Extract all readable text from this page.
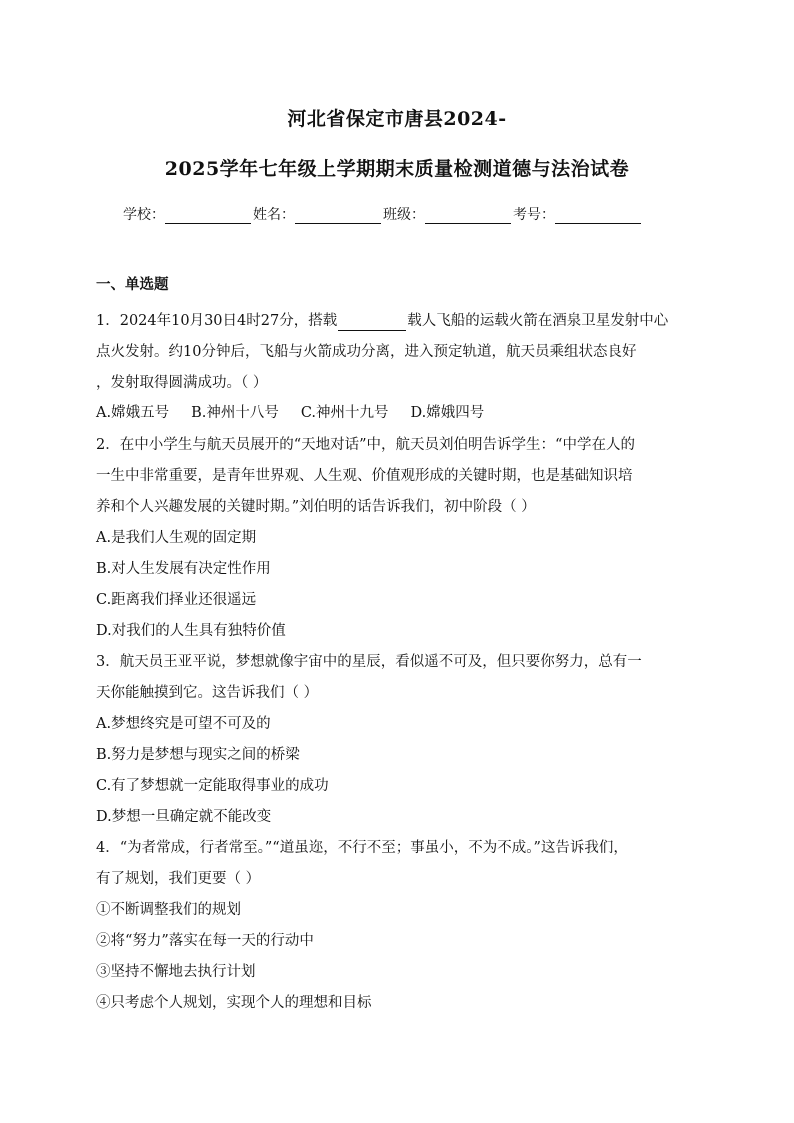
河北省保定市唐县2024-
2025学年七年级上学期期末质量检测道德与法治试卷
学校：	姓名：	班级：	考号：
一、单选题
1．2024年10月30日4时27分，搭载	载人飞船的运载火箭在酒泉卫星发射中心
点火发射。约10分钟后，飞船与火箭成功分离，进入预定轨道，航天员乘组状态良好
，发射取得圆满成功。（ ）
A.嫦娥五号 B.神州十八号 C.神州十九号 D.嫦娥四号
2．在中小学生与航天员展开的“天地对话”中，航天员刘伯明告诉学生：“中学在人的
一生中非常重要，是青年世界观、人生观、价值观形成的关键时期，也是基础知识培
养和个人兴趣发展的关键时期。”刘伯明的话告诉我们，初中阶段（ ）
A.是我们人生观的固定期
B.对人生发展有决定性作用
C.距离我们择业还很遥远
D.对我们的人生具有独特价值
3．航天员王亚平说，梦想就像宇宙中的星辰，看似遥不可及，但只要你努力，总有一
天你能触摸到它。这告诉我们（ ）
A.梦想终究是可望不可及的
B.努力是梦想与现实之间的桥梁
C.有了梦想就一定能取得事业的成功
D.梦想一旦确定就不能改变
4．“为者常成，行者常至。”“道虽迩，不行不至；事虽小，不为不成。”这告诉我们，
有了规划，我们更要（ ）
①不断调整我们的规划
②将“努力”落实在每一天的行动中
③坚持不懈地去执行计划
④只考虑个人规划，实现个人的理想和目标
